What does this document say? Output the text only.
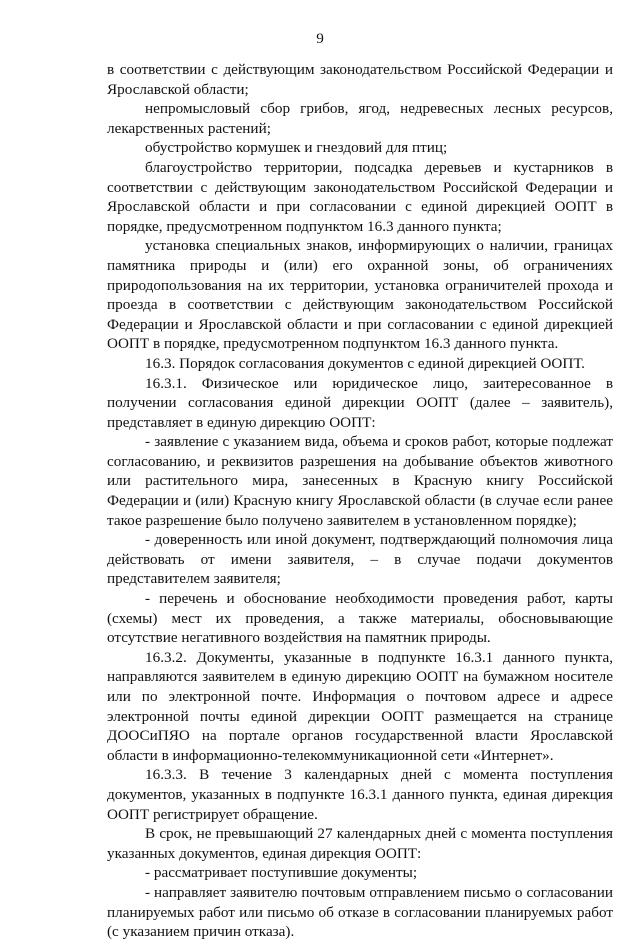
9

в соответствии с действующим законодательством Российской Федерации и Ярославской области;

непромысловый сбор грибов, ягод, недревесных лесных ресурсов, лекарственных растений;

обустройство кормушек и гнездовий для птиц;

благоустройство территории, подсадка деревьев и кустарников в соответствии с действующим законодательством Российской Федерации и Ярославской области и при согласовании с единой дирекцией ООПТ в порядке, предусмотренном подпунктом 16.3 данного пункта;

установка специальных знаков, информирующих о наличии, границах памятника природы и (или) его охранной зоны, об ограничениях природопользования на их территории, установка ограничителей прохода и проезда в соответствии с действующим законодательством Российской Федерации и Ярославской области и при согласовании с единой дирекцией ООПТ в порядке, предусмотренном подпунктом 16.3 данного пункта.

16.3. Порядок согласования документов с единой дирекцией ООПТ.

16.3.1. Физическое или юридическое лицо, заитересованное в получении согласования единой дирекции ООПТ (далее – заявитель), представляет в единую дирекцию ООПТ:

- заявление с указанием вида, объема и сроков работ, которые подлежат согласованию, и реквизитов разрешения на добывание объектов животного или растительного мира, занесенных в Красную книгу Российской Федерации и (или) Красную книгу Ярославской области (в случае если ранее такое разрешение было получено заявителем в установленном порядке);

- доверенность или иной документ, подтверждающий полномочия лица действовать от имени заявителя, – в случае подачи документов представителем заявителя;

- перечень и обоснование необходимости проведения работ, карты (схемы) мест их проведения, а также материалы, обосновывающие отсутствие негативного воздействия на памятник природы.

16.3.2. Документы, указанные в подпункте 16.3.1 данного пункта, направляются заявителем в единую дирекцию ООПТ на бумажном носителе или по электронной почте. Информация о почтовом адресе и адресе электронной почты единой дирекции ООПТ размещается на странице ДООСиПЯО на портале органов государственной власти Ярославской области в информационно-телекоммуникационной сети «Интернет».

16.3.3. В течение 3 календарных дней с момента поступления документов, указанных в подпункте 16.3.1 данного пункта, единая дирекция ООПТ регистрирует обращение.

В срок, не превышающий 27 календарных дней с момента поступления указанных документов, единая дирекция ООПТ:

- рассматривает поступившие документы;

- направляет заявителю почтовым отправлением письмо о согласовании планируемых работ или письмо об отказе в согласовании планируемых работ (с указанием причин отказа).
